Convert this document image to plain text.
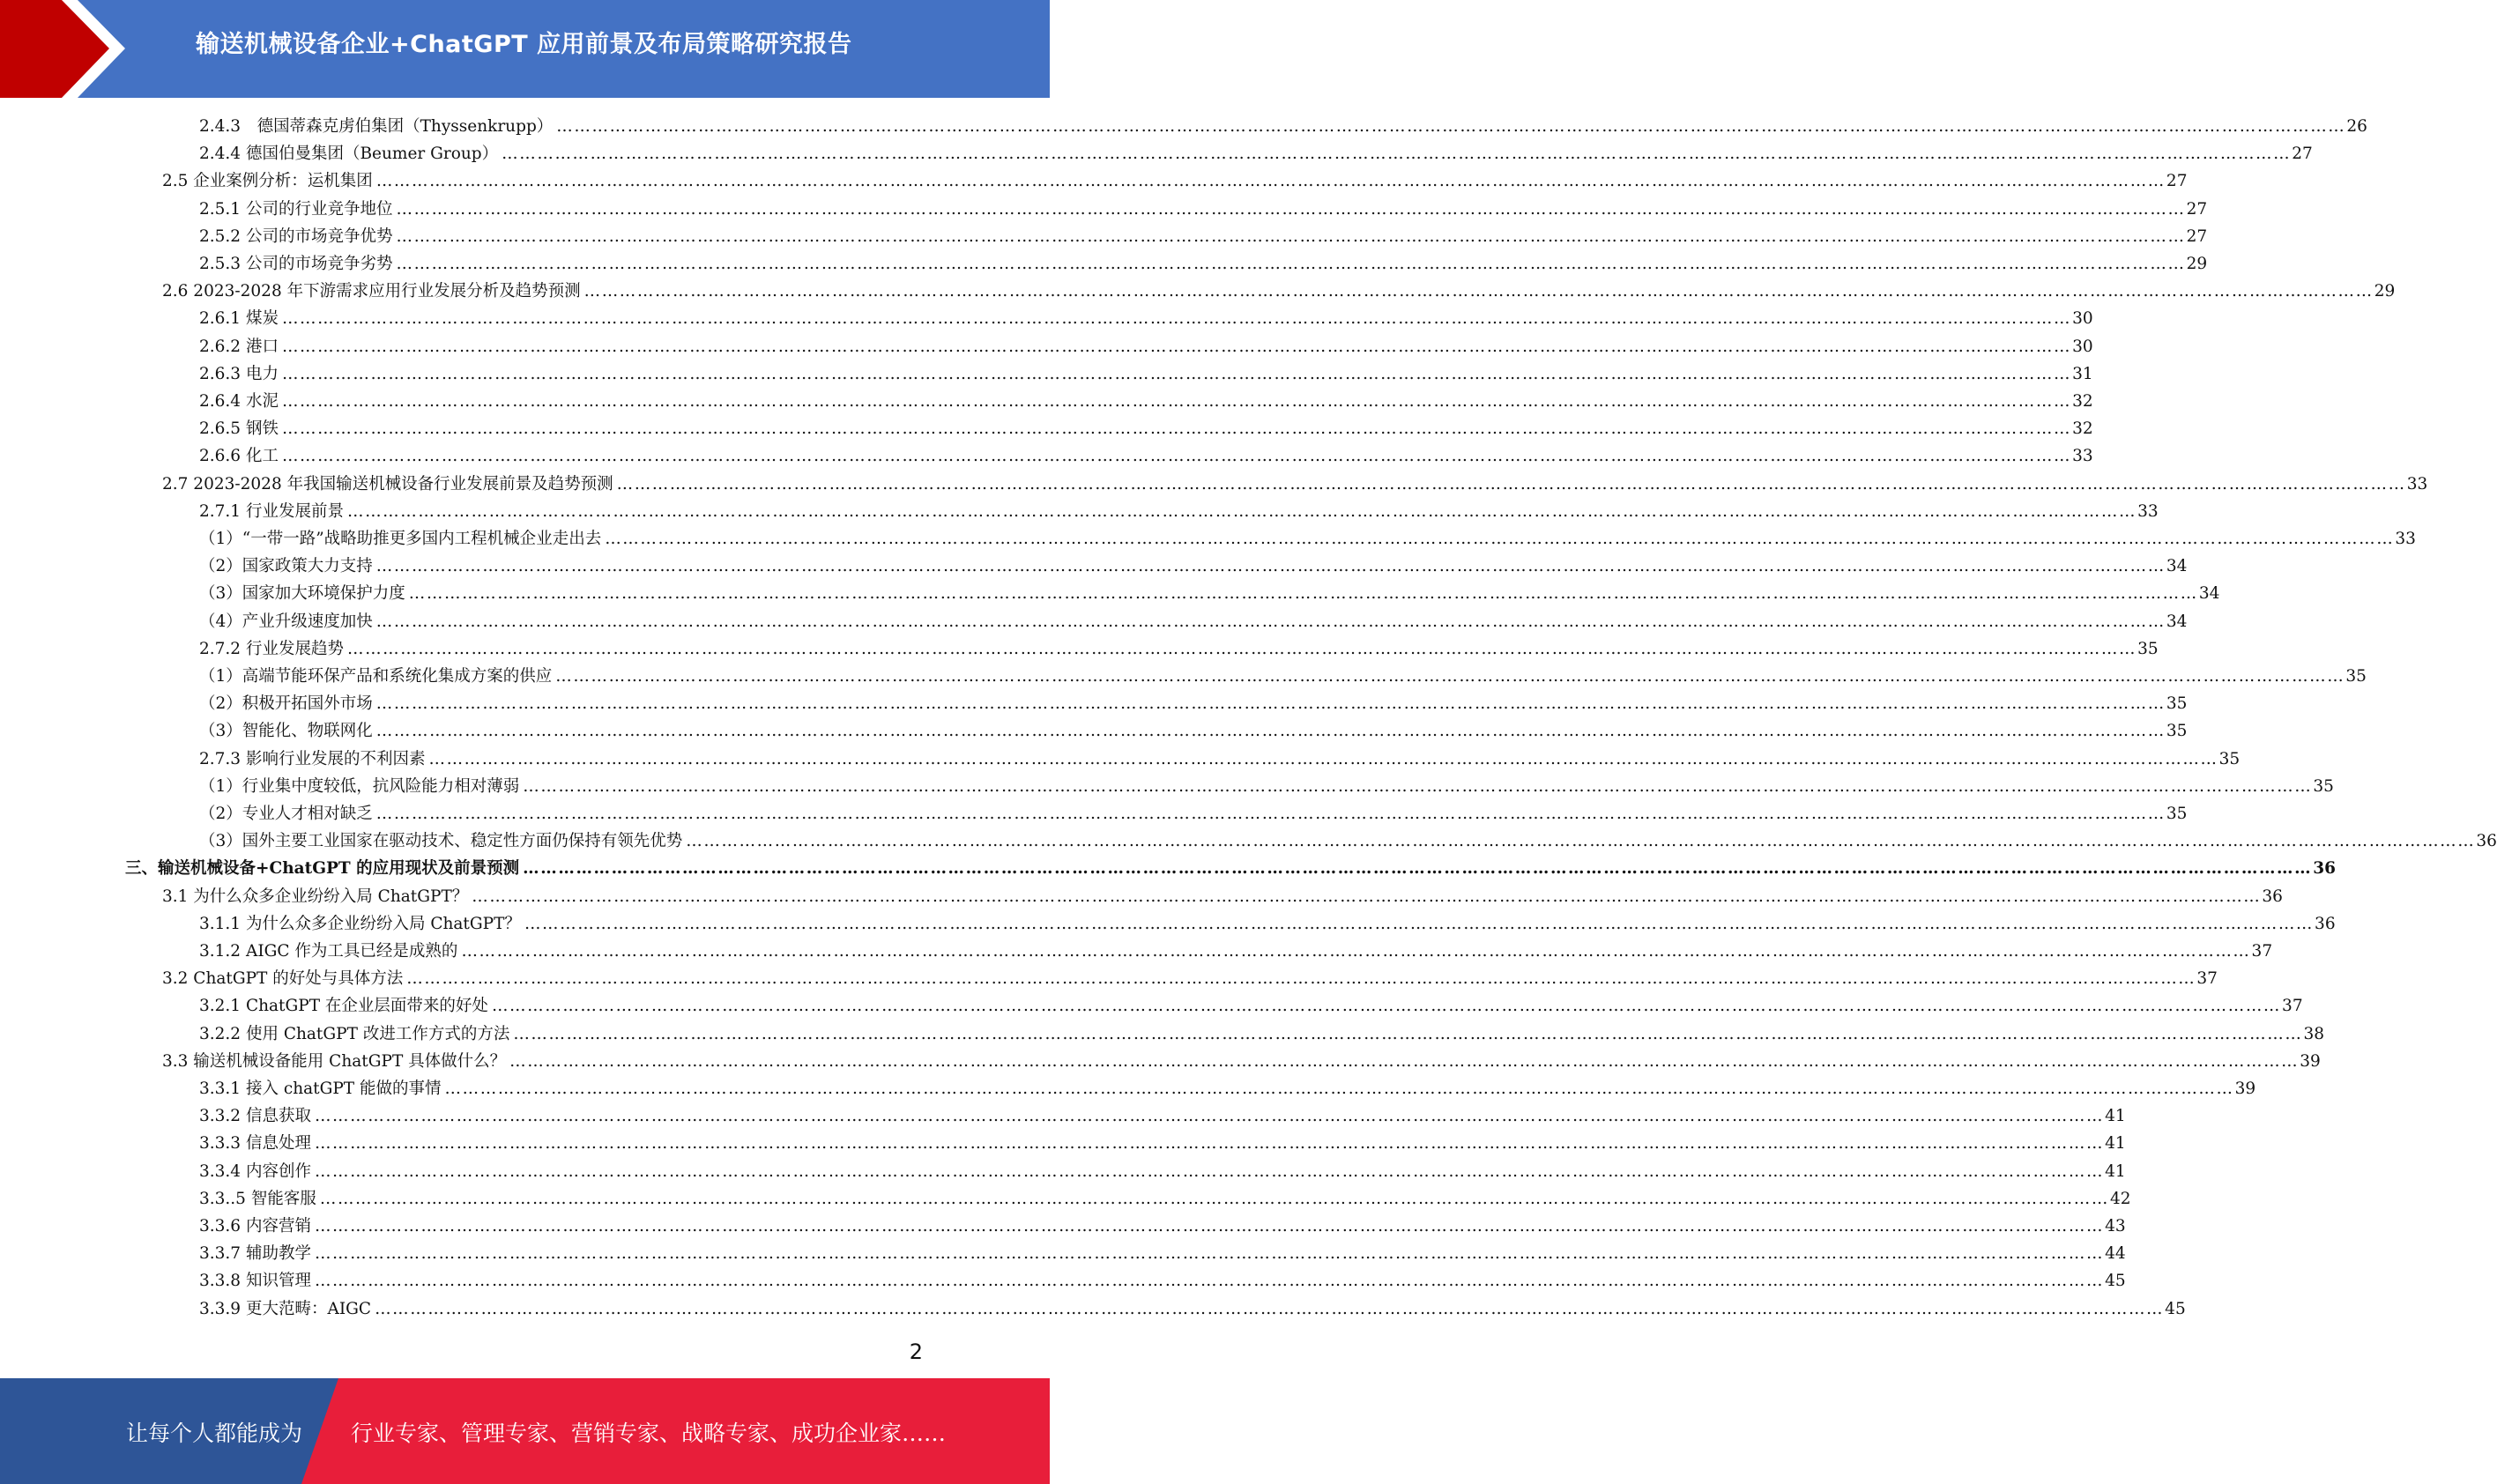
输送机械设备企业+ChatGPT 应用前景及布局策略研究报告
2.4.3　德国蒂森克虏伯集团（Thyssenkrupp） …………………………………………………………………………………………………………………………………………………………………………………………………………………………………………………………………………… 26
2.4.4 德国伯曼集团（Beumer Group） …………………………………………………………………………………………………………………………………………………………………………………………………………………………………………………………………………… 27
2.5 企业案例分析：运机集团 …………………………………………………………………………………………………………………………………………………………………………………………………………………………………………………………………………… 27
2.5.1 公司的行业竞争地位 …………………………………………………………………………………………………………………………………………………………………………………………………………………………………………………………………………… 27
2.5.2 公司的市场竞争优势 …………………………………………………………………………………………………………………………………………………………………………………………………………………………………………………………………………… 27
2.5.3 公司的市场竞争劣势 …………………………………………………………………………………………………………………………………………………………………………………………………………………………………………………………………………… 29
2.6 2023-2028 年下游需求应用行业发展分析及趋势预测 …………………………………………………………………………………………………………………………………………………………………………………………………………………………………………………………………………… 29
2.6.1 煤炭 …………………………………………………………………………………………………………………………………………………………………………………………………………………………………………………………………………… 30
2.6.2 港口 …………………………………………………………………………………………………………………………………………………………………………………………………………………………………………………………………………… 30
2.6.3 电力 …………………………………………………………………………………………………………………………………………………………………………………………………………………………………………………………………………… 31
2.6.4 水泥 …………………………………………………………………………………………………………………………………………………………………………………………………………………………………………………………………………… 32
2.6.5 钢铁 …………………………………………………………………………………………………………………………………………………………………………………………………………………………………………………………………………… 32
2.6.6 化工 …………………………………………………………………………………………………………………………………………………………………………………………………………………………………………………………………………… 33
2.7 2023-2028 年我国输送机械设备行业发展前景及趋势预测 …………………………………………………………………………………………………………………………………………………………………………………………………………………………………………………………………………… 33
2.7.1 行业发展前景 …………………………………………………………………………………………………………………………………………………………………………………………………………………………………………………………………………… 33
（1）“一带一路”战略助推更多国内工程机械企业走出去 …………………………………………………………………………………………………………………………………………………………………………………………………………………………………………………………………………… 33
（2）国家政策大力支持 …………………………………………………………………………………………………………………………………………………………………………………………………………………………………………………………………………… 34
（3）国家加大环境保护力度 …………………………………………………………………………………………………………………………………………………………………………………………………………………………………………………………………………… 34
（4）产业升级速度加快 …………………………………………………………………………………………………………………………………………………………………………………………………………………………………………………………………………… 34
2.7.2 行业发展趋势 …………………………………………………………………………………………………………………………………………………………………………………………………………………………………………………………………………… 35
（1）高端节能环保产品和系统化集成方案的供应 …………………………………………………………………………………………………………………………………………………………………………………………………………………………………………………………………………… 35
（2）积极开拓国外市场 …………………………………………………………………………………………………………………………………………………………………………………………………………………………………………………………………………… 35
（3）智能化、物联网化 …………………………………………………………………………………………………………………………………………………………………………………………………………………………………………………………………………… 35
2.7.3 影响行业发展的不利因素 …………………………………………………………………………………………………………………………………………………………………………………………………………………………………………………………………………… 35
（1）行业集中度较低，抗风险能力相对薄弱 …………………………………………………………………………………………………………………………………………………………………………………………………………………………………………………………………………… 35
（2）专业人才相对缺乏 …………………………………………………………………………………………………………………………………………………………………………………………………………………………………………………………………………… 35
（3）国外主要工业国家在驱动技术、稳定性方面仍保持有领先优势 …………………………………………………………………………………………………………………………………………………………………………………………………………………………………………………………………………… 36
三、输送机械设备+ChatGPT 的应用现状及前景预测 …………………………………………………………………………………………………………………………………………………………………………………………………………………………………………………………………………… 36
3.1 为什么众多企业纷纷入局 ChatGPT？ …………………………………………………………………………………………………………………………………………………………………………………………………………………………………………………………………………… 36
3.1.1 为什么众多企业纷纷入局 ChatGPT？ …………………………………………………………………………………………………………………………………………………………………………………………………………………………………………………………………………… 36
3.1.2 AIGC 作为工具已经是成熟的 …………………………………………………………………………………………………………………………………………………………………………………………………………………………………………………………………………… 37
3.2 ChatGPT 的好处与具体方法 …………………………………………………………………………………………………………………………………………………………………………………………………………………………………………………………………………… 37
3.2.1 ChatGPT 在企业层面带来的好处 …………………………………………………………………………………………………………………………………………………………………………………………………………………………………………………………………………… 37
3.2.2 使用 ChatGPT 改进工作方式的方法 …………………………………………………………………………………………………………………………………………………………………………………………………………………………………………………………………………… 38
3.3 输送机械设备能用 ChatGPT 具体做什么？ …………………………………………………………………………………………………………………………………………………………………………………………………………………………………………………………………………… 39
3.3.1 接入 chatGPT 能做的事情 …………………………………………………………………………………………………………………………………………………………………………………………………………………………………………………………………………… 39
3.3.2 信息获取 …………………………………………………………………………………………………………………………………………………………………………………………………………………………………………………………………………… 41
3.3.3 信息处理 …………………………………………………………………………………………………………………………………………………………………………………………………………………………………………………………………………… 41
3.3.4 内容创作 …………………………………………………………………………………………………………………………………………………………………………………………………………………………………………………………………………… 41
3.3..5 智能客服 …………………………………………………………………………………………………………………………………………………………………………………………………………………………………………………………………………… 42
3.3.6 内容营销 …………………………………………………………………………………………………………………………………………………………………………………………………………………………………………………………………………… 43
3.3.7 辅助教学 …………………………………………………………………………………………………………………………………………………………………………………………………………………………………………………………………………… 44
3.3.8 知识管理 …………………………………………………………………………………………………………………………………………………………………………………………………………………………………………………………………………… 45
3.3.9 更大范畴：AIGC …………………………………………………………………………………………………………………………………………………………………………………………………………………………………………………………………………… 45
2
让每个人都能成为 行业专家、管理专家、营销专家、战略专家、成功企业家……
